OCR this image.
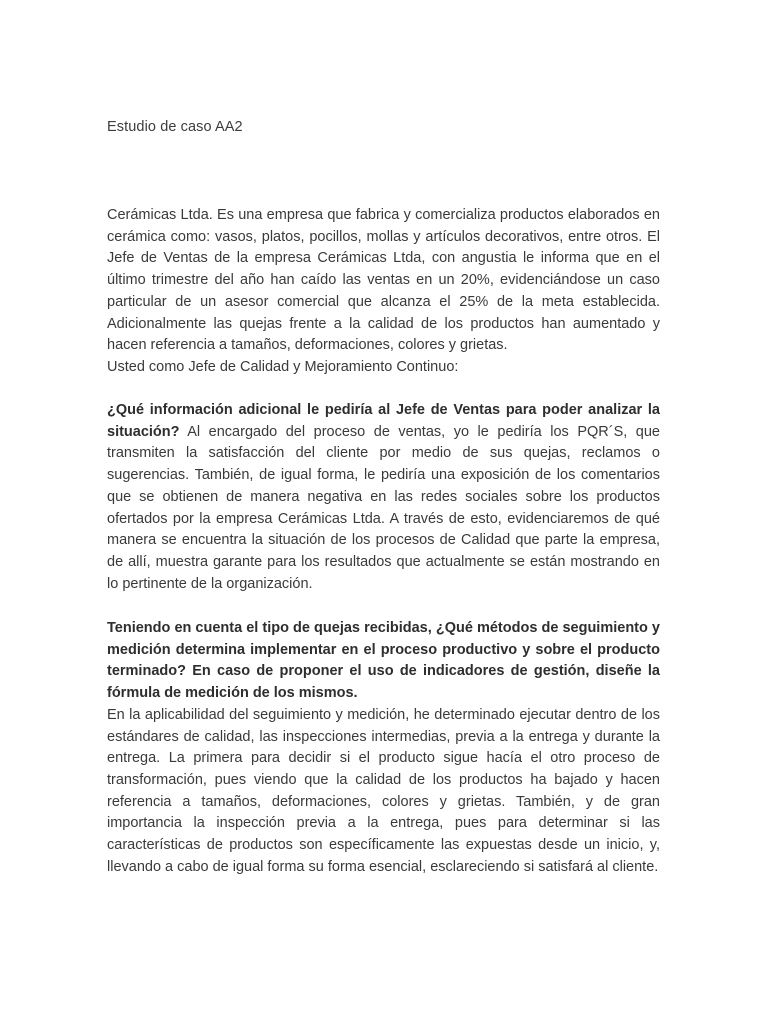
Estudio de caso AA2

Cerámicas Ltda. Es una empresa que fabrica y comercializa productos elaborados en cerámica como: vasos, platos, pocillos, mollas y artículos decorativos, entre otros. El Jefe de Ventas de la empresa Cerámicas Ltda, con angustia le informa que en el último trimestre del año han caído las ventas en un 20%, evidenciándose un caso particular de un asesor comercial que alcanza el 25% de la meta establecida. Adicionalmente las quejas frente a la calidad de los productos han aumentado y hacen referencia a tamaños, deformaciones, colores y grietas.

Usted como Jefe de Calidad y Mejoramiento Continuo:

¿Qué información adicional le pediría al Jefe de Ventas para poder analizar la situación? Al encargado del proceso de ventas, yo le pediría los PQR´S, que transmiten la satisfacción del cliente por medio de sus quejas, reclamos o sugerencias. También, de igual forma, le pediría una exposición de los comentarios que se obtienen de manera negativa en las redes sociales sobre los productos ofertados por la empresa Cerámicas Ltda. A través de esto, evidenciaremos de qué manera se encuentra la situación de los procesos de Calidad que parte la empresa, de allí, muestra garante para los resultados que actualmente se están mostrando en lo pertinente de la organización.

Teniendo en cuenta el tipo de quejas recibidas, ¿Qué métodos de seguimiento y medición determina implementar en el proceso productivo y sobre el producto terminado? En caso de proponer el uso de indicadores de gestión, diseñe la fórmula de medición de los mismos.

En la aplicabilidad del seguimiento y medición, he determinado ejecutar dentro de los estándares de calidad, las inspecciones intermedias, previa a la entrega y durante la entrega. La primera para decidir si el producto sigue hacía el otro proceso de transformación, pues viendo que la calidad de los productos ha bajado y hacen referencia a tamaños, deformaciones, colores y grietas. También, y de gran importancia la inspección previa a la entrega, pues para determinar si las características de productos son específicamente las expuestas desde un inicio, y, llevando a cabo de igual forma su forma esencial, esclareciendo si satisfará al cliente.
